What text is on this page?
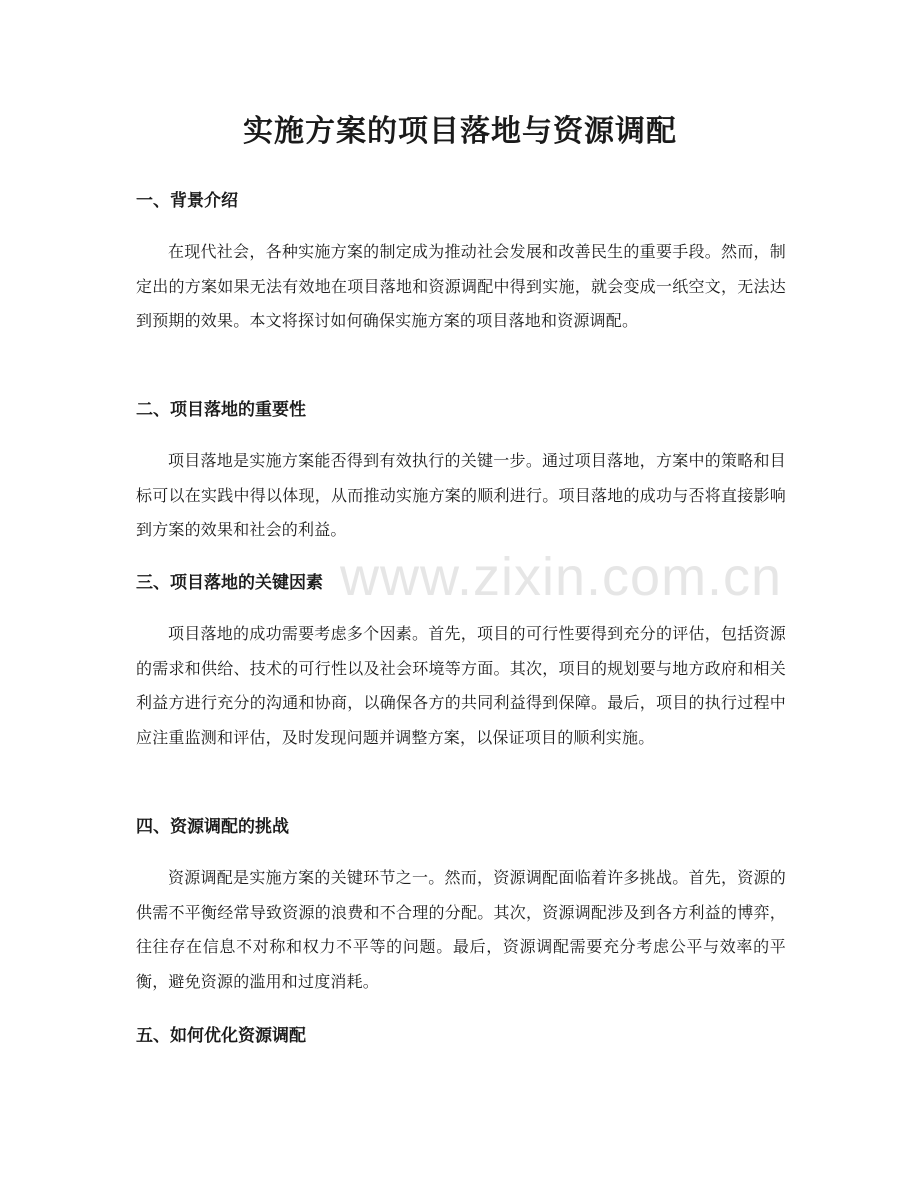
www.zixin.com.cn
实施方案的项目落地与资源调配
一、背景介绍

在现代社会，各种实施方案的制定成为推动社会发展和改善民生的重要手段。然而，制定出的方案如果无法有效地在项目落地和资源调配中得到实施，就会变成一纸空文，无法达到预期的效果。本文将探讨如何确保实施方案的项目落地和资源调配。

二、项目落地的重要性

项目落地是实施方案能否得到有效执行的关键一步。通过项目落地，方案中的策略和目标可以在实践中得以体现，从而推动实施方案的顺利进行。项目落地的成功与否将直接影响到方案的效果和社会的利益。

三、项目落地的关键因素

项目落地的成功需要考虑多个因素。首先，项目的可行性要得到充分的评估，包括资源的需求和供给、技术的可行性以及社会环境等方面。其次，项目的规划要与地方政府和相关利益方进行充分的沟通和协商，以确保各方的共同利益得到保障。最后，项目的执行过程中应注重监测和评估，及时发现问题并调整方案，以保证项目的顺利实施。

四、资源调配的挑战

资源调配是实施方案的关键环节之一。然而，资源调配面临着许多挑战。首先，资源的供需不平衡经常导致资源的浪费和不合理的分配。其次，资源调配涉及到各方利益的博弈，往往存在信息不对称和权力不平等的问题。最后，资源调配需要充分考虑公平与效率的平衡，避免资源的滥用和过度消耗。

五、如何优化资源调配
